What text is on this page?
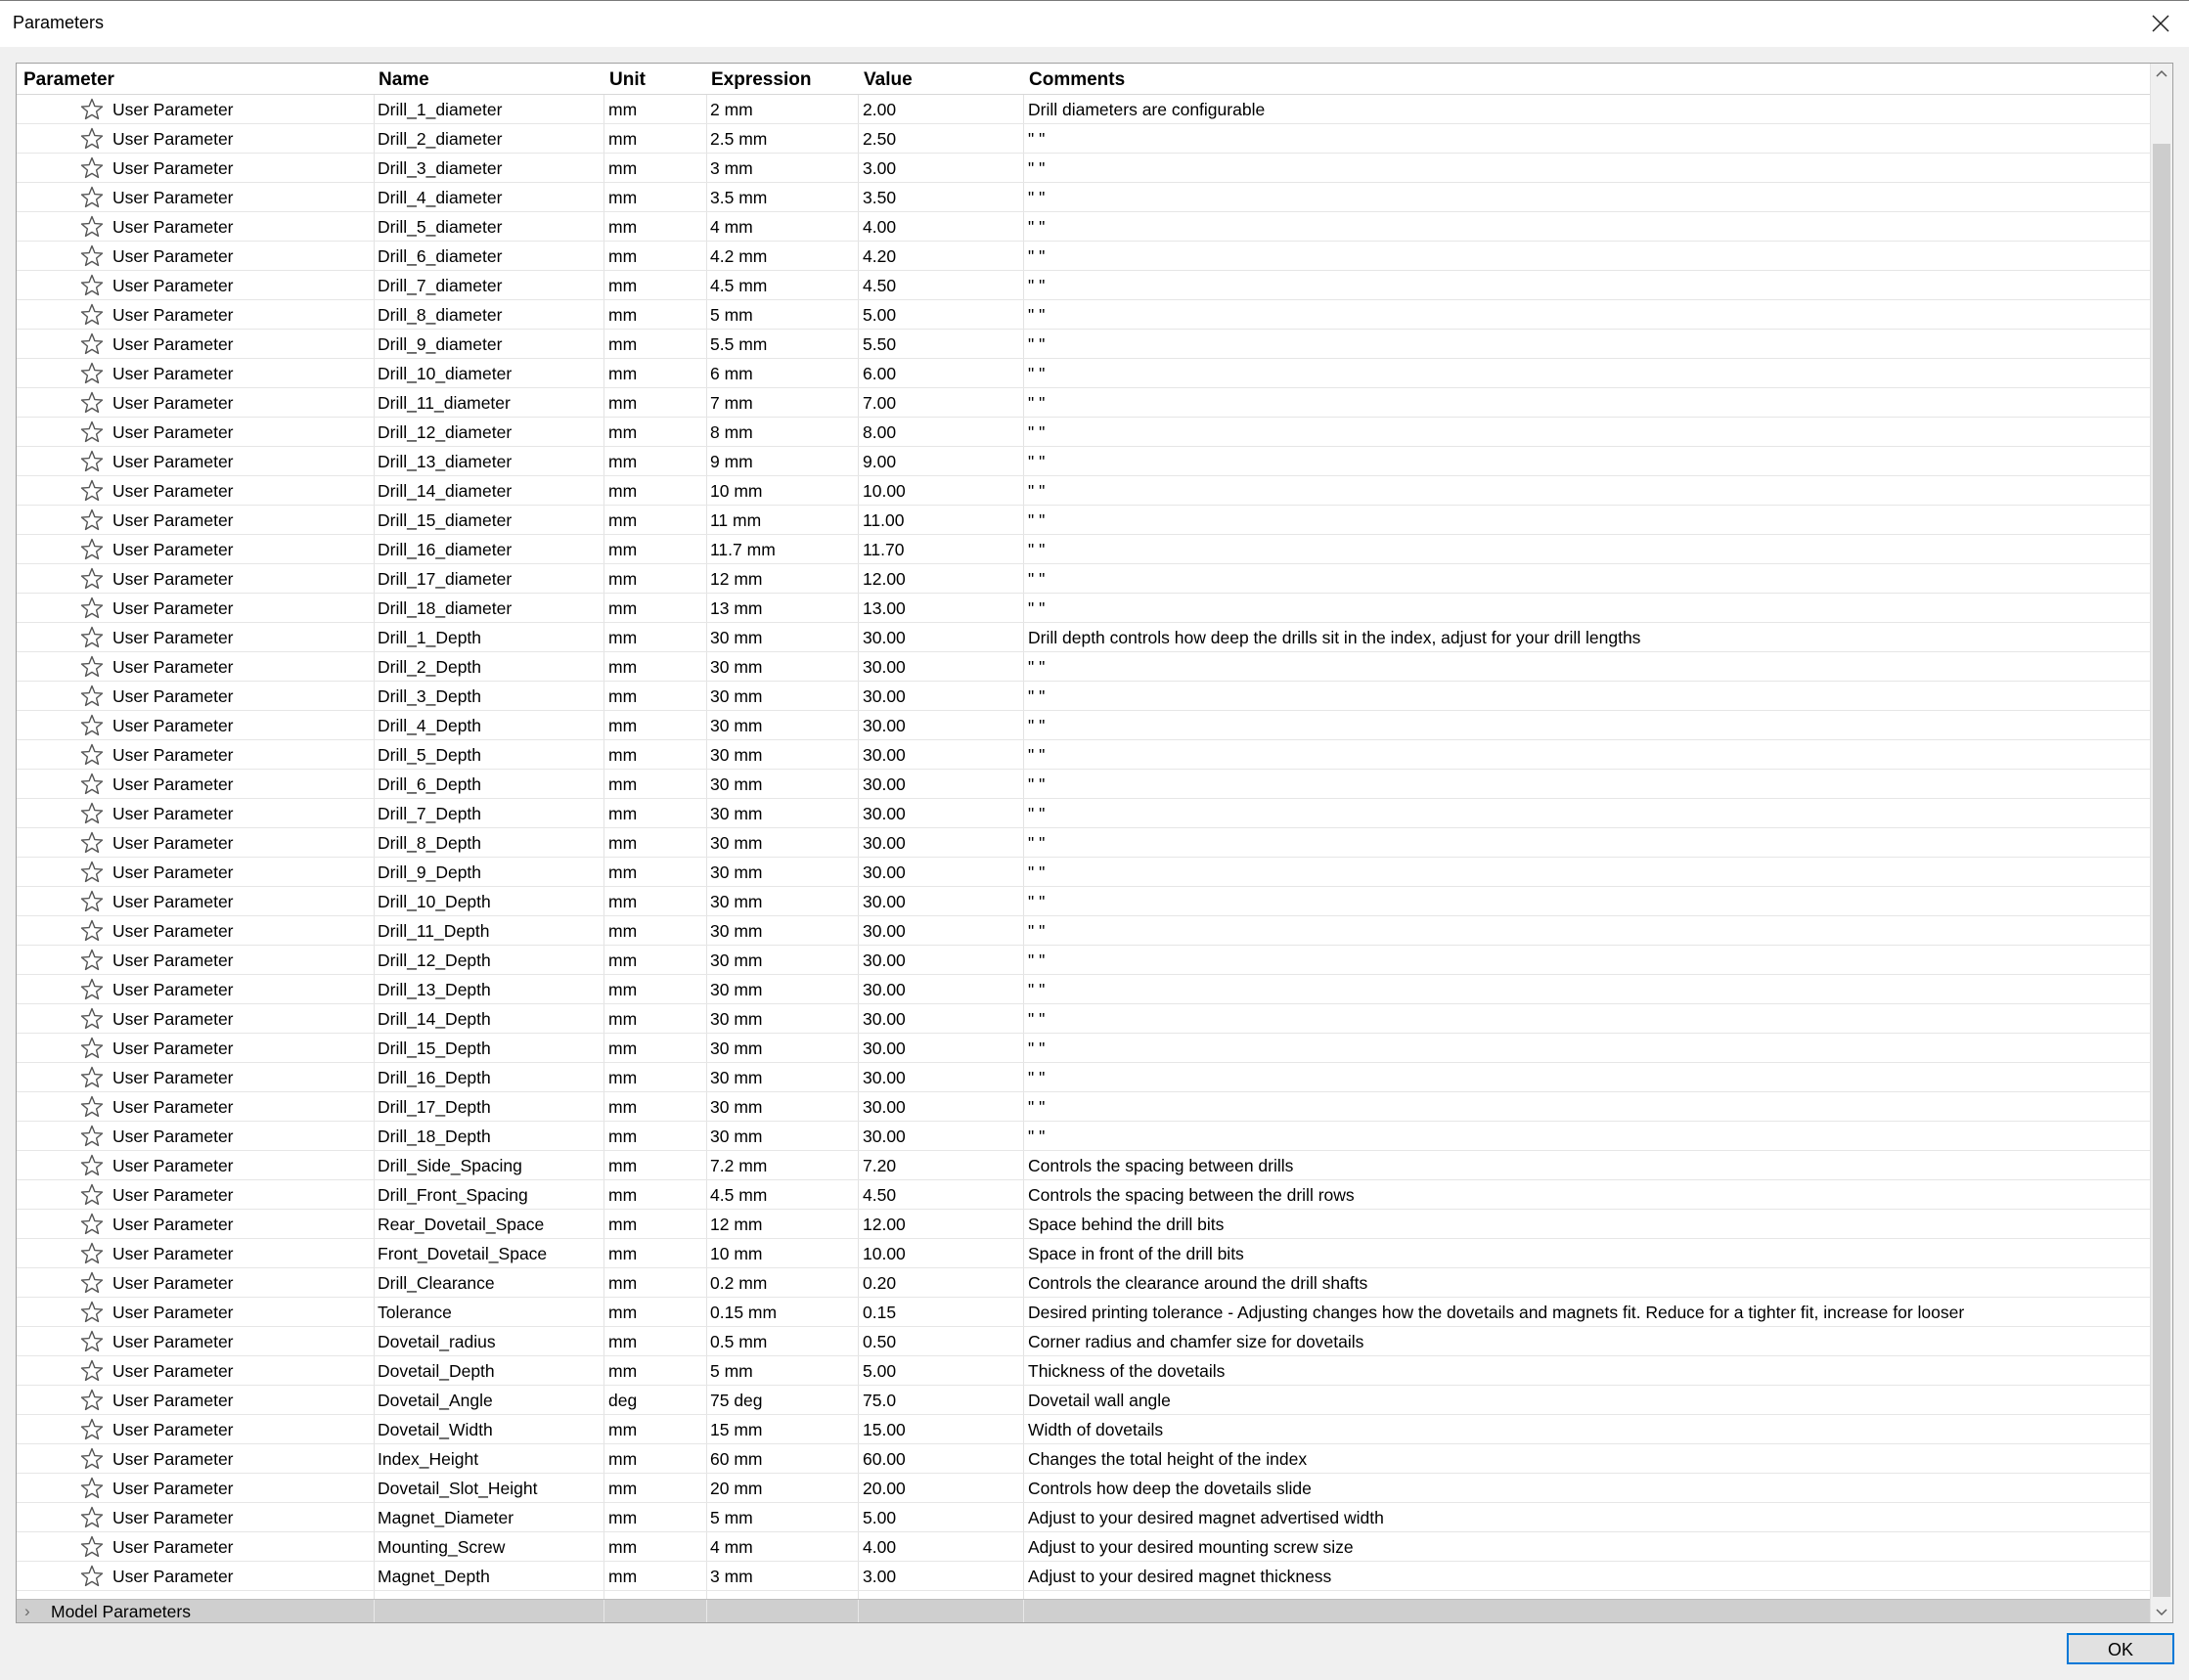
Parameters
Parameter	Name	Unit	Expression	Value	Comments
User Parameter	Drill_1_diameter	mm	2 mm	2.00	Drill diameters are configurable
User Parameter	Drill_2_diameter	mm	2.5 mm	2.50	" "
User Parameter	Drill_3_diameter	mm	3 mm	3.00	" "
User Parameter	Drill_4_diameter	mm	3.5 mm	3.50	" "
User Parameter	Drill_5_diameter	mm	4 mm	4.00	" "
User Parameter	Drill_6_diameter	mm	4.2 mm	4.20	" "
User Parameter	Drill_7_diameter	mm	4.5 mm	4.50	" "
User Parameter	Drill_8_diameter	mm	5 mm	5.00	" "
User Parameter	Drill_9_diameter	mm	5.5 mm	5.50	" "
User Parameter	Drill_10_diameter	mm	6 mm	6.00	" "
User Parameter	Drill_11_diameter	mm	7 mm	7.00	" "
User Parameter	Drill_12_diameter	mm	8 mm	8.00	" "
User Parameter	Drill_13_diameter	mm	9 mm	9.00	" "
User Parameter	Drill_14_diameter	mm	10 mm	10.00	" "
User Parameter	Drill_15_diameter	mm	11 mm	11.00	" "
User Parameter	Drill_16_diameter	mm	11.7 mm	11.70	" "
User Parameter	Drill_17_diameter	mm	12 mm	12.00	" "
User Parameter	Drill_18_diameter	mm	13 mm	13.00	" "
User Parameter	Drill_1_Depth	mm	30 mm	30.00	Drill depth controls how deep the drills sit in the index, adjust for your drill lengths
User Parameter	Drill_2_Depth	mm	30 mm	30.00	" "
User Parameter	Drill_3_Depth	mm	30 mm	30.00	" "
User Parameter	Drill_4_Depth	mm	30 mm	30.00	" "
User Parameter	Drill_5_Depth	mm	30 mm	30.00	" "
User Parameter	Drill_6_Depth	mm	30 mm	30.00	" "
User Parameter	Drill_7_Depth	mm	30 mm	30.00	" "
User Parameter	Drill_8_Depth	mm	30 mm	30.00	" "
User Parameter	Drill_9_Depth	mm	30 mm	30.00	" "
User Parameter	Drill_10_Depth	mm	30 mm	30.00	" "
User Parameter	Drill_11_Depth	mm	30 mm	30.00	" "
User Parameter	Drill_12_Depth	mm	30 mm	30.00	" "
User Parameter	Drill_13_Depth	mm	30 mm	30.00	" "
User Parameter	Drill_14_Depth	mm	30 mm	30.00	" "
User Parameter	Drill_15_Depth	mm	30 mm	30.00	" "
User Parameter	Drill_16_Depth	mm	30 mm	30.00	" "
User Parameter	Drill_17_Depth	mm	30 mm	30.00	" "
User Parameter	Drill_18_Depth	mm	30 mm	30.00	" "
User Parameter	Drill_Side_Spacing	mm	7.2 mm	7.20	Controls the spacing between drills
User Parameter	Drill_Front_Spacing	mm	4.5 mm	4.50	Controls the spacing between the drill rows
User Parameter	Rear_Dovetail_Space	mm	12 mm	12.00	Space behind the drill bits
User Parameter	Front_Dovetail_Space	mm	10 mm	10.00	Space in front of the drill bits
User Parameter	Drill_Clearance	mm	0.2 mm	0.20	Controls the clearance around the drill shafts
User Parameter	Tolerance	mm	0.15 mm	0.15	Desired printing tolerance - Adjusting changes how the dovetails and magnets fit. Reduce for a tighter fit, increase for looser
User Parameter	Dovetail_radius	mm	0.5 mm	0.50	Corner radius and chamfer size for dovetails
User Parameter	Dovetail_Depth	mm	5 mm	5.00	Thickness of the dovetails
User Parameter	Dovetail_Angle	deg	75 deg	75.0	Dovetail wall angle
User Parameter	Dovetail_Width	mm	15 mm	15.00	Width of dovetails
User Parameter	Index_Height	mm	60 mm	60.00	Changes the total height of the index
User Parameter	Dovetail_Slot_Height	mm	20 mm	20.00	Controls how deep the dovetails slide
User Parameter	Magnet_Diameter	mm	5 mm	5.00	Adjust to your desired magnet advertised width
User Parameter	Mounting_Screw	mm	4 mm	4.00	Adjust to your desired mounting screw size
User Parameter	Magnet_Depth	mm	3 mm	3.00	Adjust to your desired magnet thickness
› Model Parameters
OK
